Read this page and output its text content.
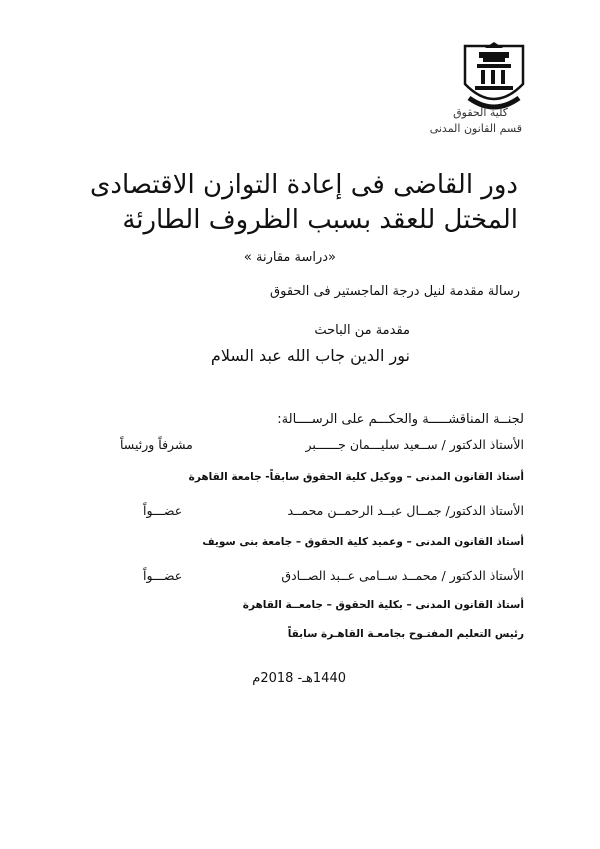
كلية الحقوق
قسم القانون المدنى
دور القاضى فى إعادة التوازن الاقتصادى
المختل للعقد بسبب الظروف الطارئة
«دراسة مقارنة »
رسالة مقدمة لنيل درجة الماجستير فى الحقوق
مقدمة من الباحث
نور الدين جاب الله عبد السلام
لجنــة المناقشـــــة والحكـــم على الرســــالة:
الأستاذ الدكتور / ســعيد سليـــمان جــــــبر
مشرفاً ورئيساً
أستاذ القانون المدنى – ووكيل كلية الحقوق سابقاً- جامعة القاهرة
الأستاذ الدكتور/ جمــال عبــد الرحمــن محمــد
عضـــواً
أستاذ القانون المدنى – وعميد كلية الحقوق – جامعة بنى سويف
الأستاذ الدكتور / محمــد ســامى عــبد الصــادق
عضـــواً
أستاذ القانون المدنى – بكلية الحقوق – جامعــة القاهرة
رئيس التعليم المفتـوح بجامعـة القاهـرة سابقاً
1440هـ- 2018م
